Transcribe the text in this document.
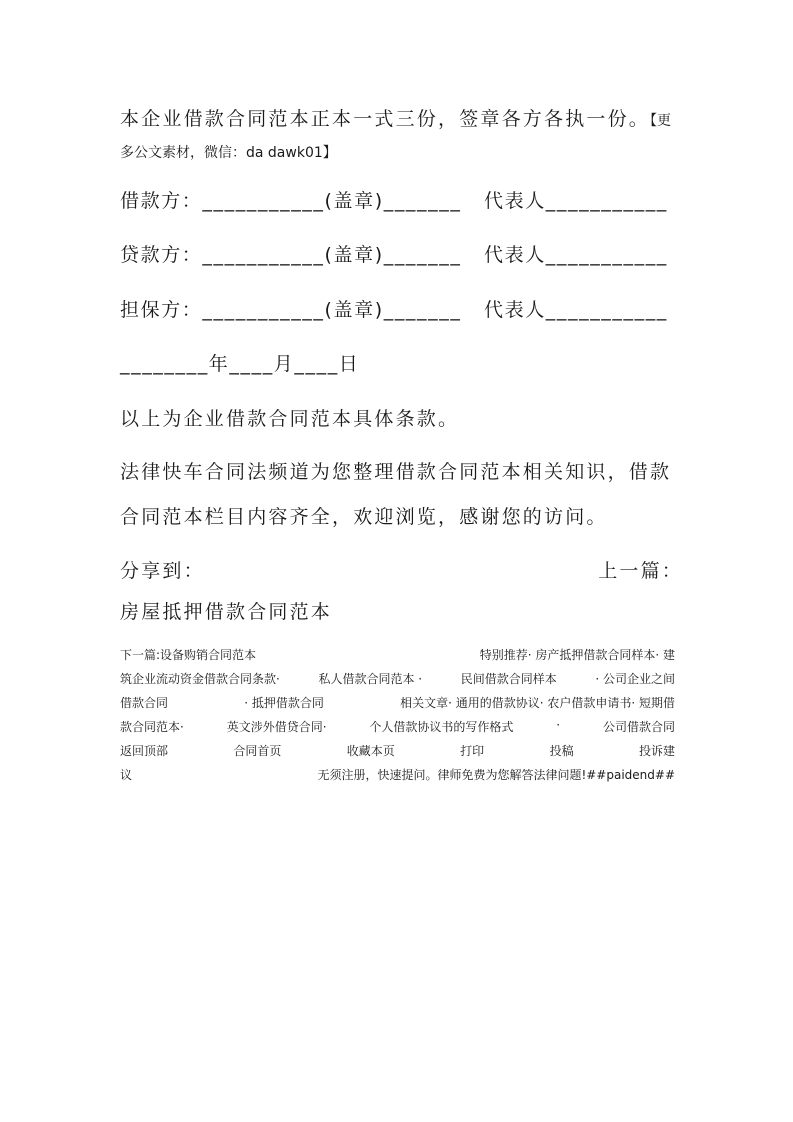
本企业借款合同范本正本一式三份，签章各方各执一份。【更
多公文素材，微信：da dawk01】
借款方：___________(盖章)_______ 代表人___________
贷款方：___________(盖章)_______ 代表人___________
担保方：___________(盖章)_______ 代表人___________
________年____月____日
以上为企业借款合同范本具体条款。
法律快车合同法频道为您整理借款合同范本相关知识，借款
合同范本栏目内容齐全，欢迎浏览，感谢您的访问。
分享到：	上一篇：
房屋抵押借款合同范本
下一篇:设备购销合同范本	特别推荐· 房产抵押借款合同样本· 建
筑企业流动资金借款合同条款·	私人借款合同范本 ·	民间借款合同样本	· 公司企业之间
借款合同	· 抵押借款合同	相关文章· 通用的借款协议· 农户借款申请书· 短期借
款合同范本·	英文涉外借贷合同·	个人借款协议书的写作格式	·	公司借款合同
返回顶部	合同首页	收藏本页	打印	投稿	投诉建
议	无须注册，快速提问。律师免费为您解答法律问题!##paidend##
